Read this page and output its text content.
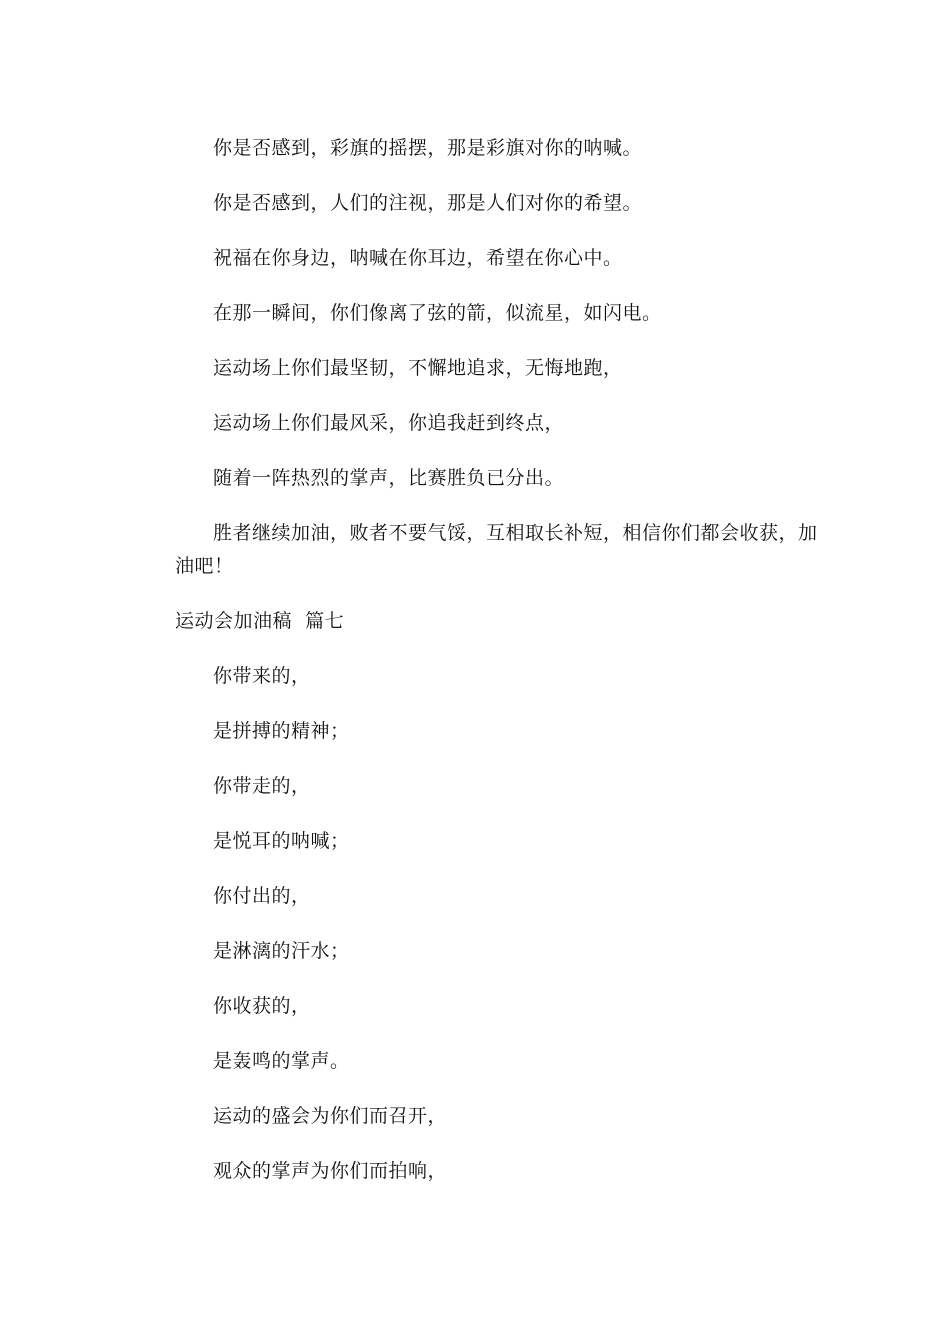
你是否感到，彩旗的摇摆，那是彩旗对你的呐喊。
你是否感到，人们的注视，那是人们对你的希望。
祝福在你身边，呐喊在你耳边，希望在你心中。
在那一瞬间，你们像离了弦的箭，似流星，如闪电。
运动场上你们最坚韧，不懈地追求，无悔地跑，
运动场上你们最风采，你追我赶到终点，
随着一阵热烈的掌声，比赛胜负已分出。
胜者继续加油，败者不要气馁，互相取长补短，相信你们都会收获，加
油吧！
运动会加油稿  篇七
你带来的，
是拼搏的精神；
你带走的，
是悦耳的呐喊；
你付出的，
是淋漓的汗水；
你收获的，
是轰鸣的掌声。
运动的盛会为你们而召开，
观众的掌声为你们而拍响，
